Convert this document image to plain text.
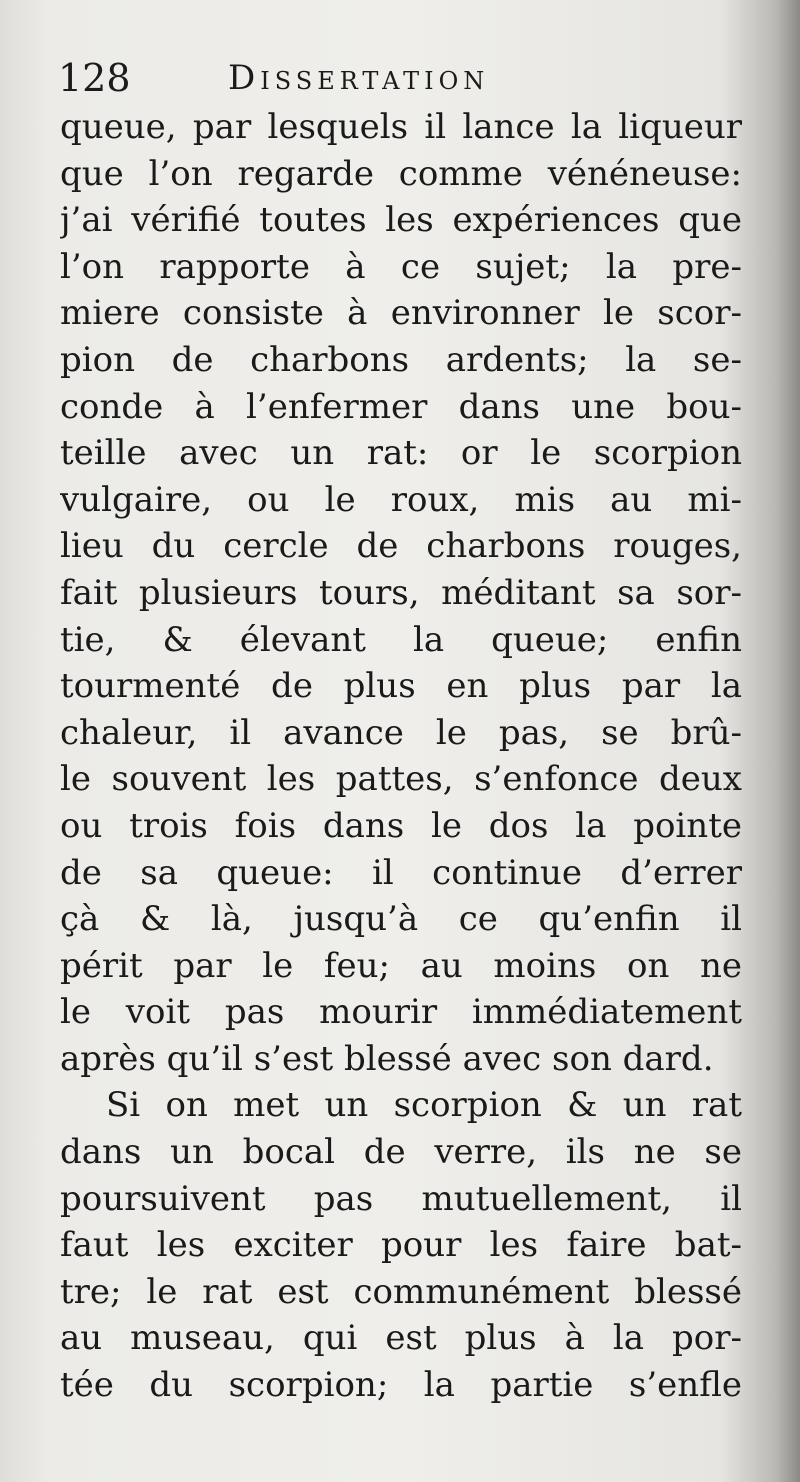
128	Dissertation
queue, par lesquels il lance la liqueur
que l’on regarde comme vénéneuse:
j’ai vérifié toutes les expériences que
l’on rapporte à ce sujet; la pre-
miere consiste à environner le scor-
pion de charbons ardents; la se-
conde à l’enfermer dans une bou-
teille avec un rat: or le scorpion
vulgaire, ou le roux, mis au mi-
lieu du cercle de charbons rouges,
fait plusieurs tours, méditant sa sor-
tie, & élevant la queue; enfin
tourmenté de plus en plus par la
chaleur, il avance le pas, se brû-
le souvent les pattes, s’enfonce deux
ou trois fois dans le dos la pointe
de sa queue: il continue d’errer
çà & là, jusqu’à ce qu’enfin il
périt par le feu; au moins on ne
le voit pas mourir immédiatement
après qu’il s’est blessé avec son dard.
Si on met un scorpion & un rat
dans un bocal de verre, ils ne se
poursuivent pas mutuellement, il
faut les exciter pour les faire bat-
tre; le rat est communément blessé
au museau, qui est plus à la por-
tée du scorpion; la partie s’enfle
